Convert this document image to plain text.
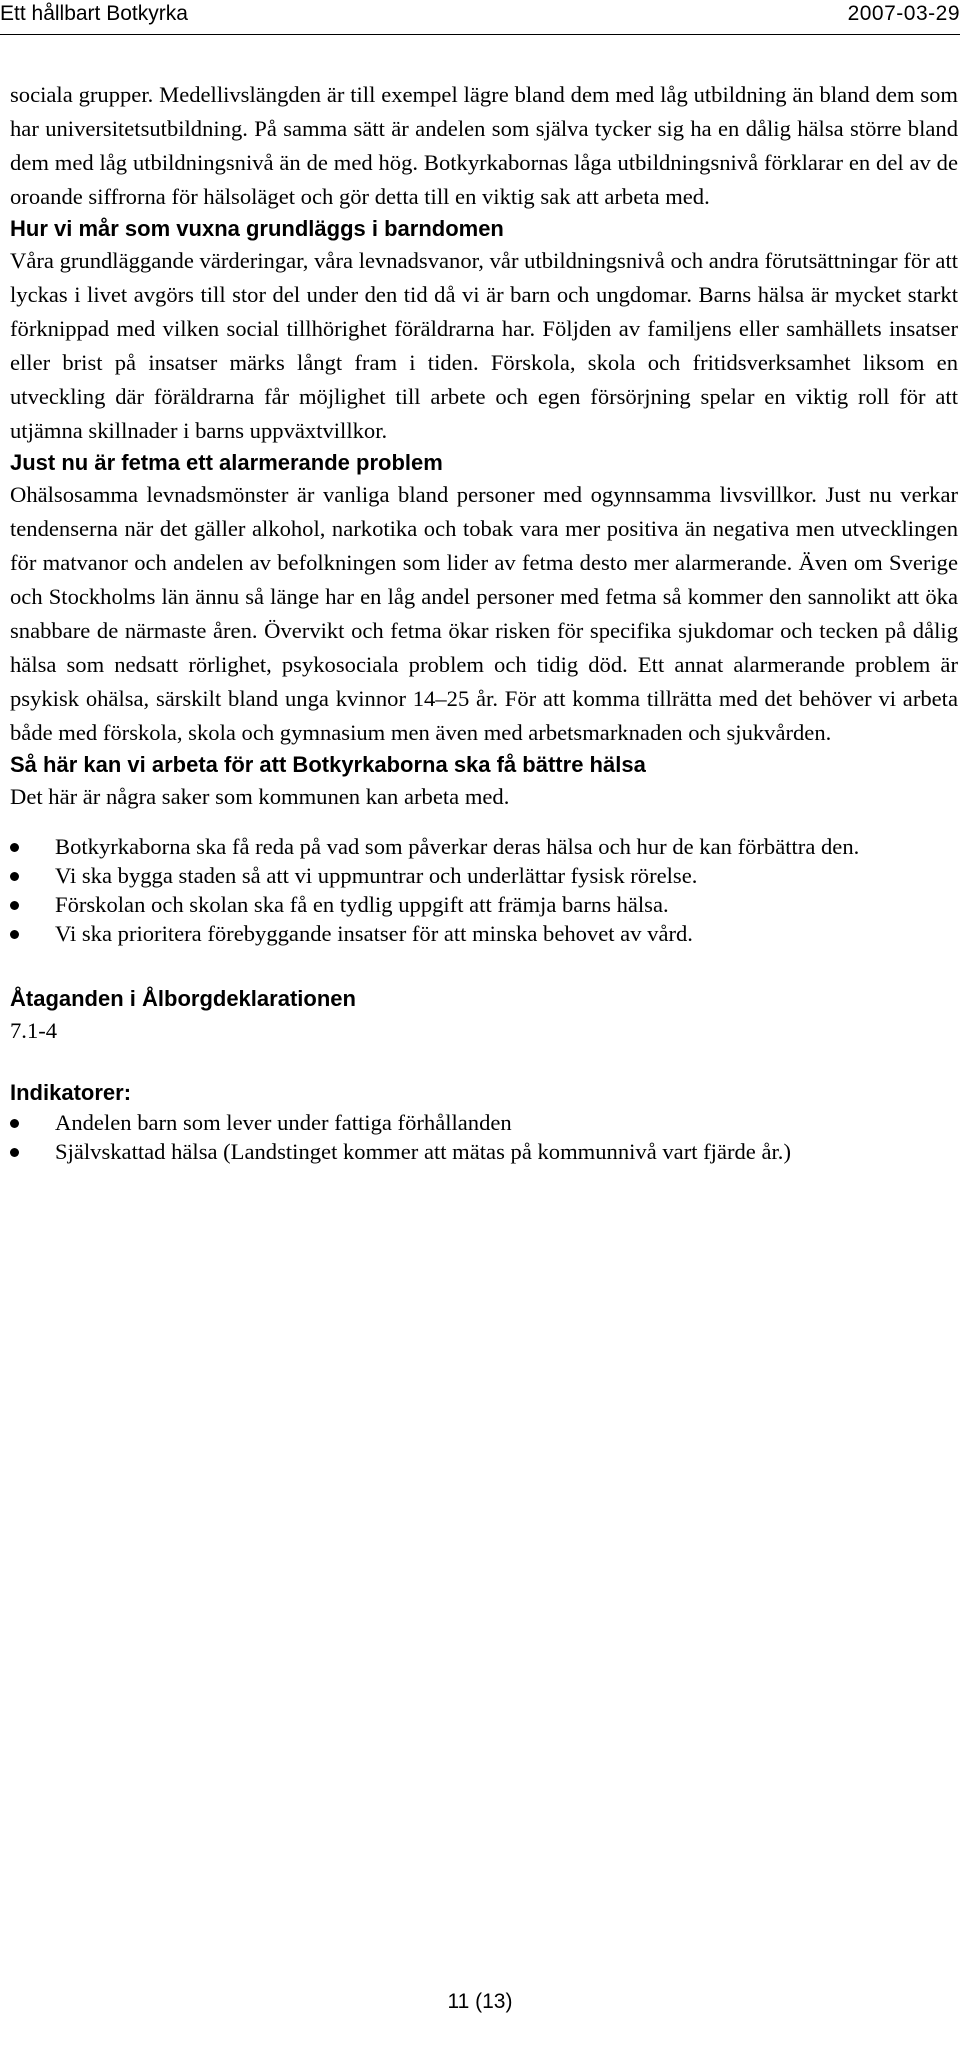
Ett hållbart Botkyrka	2007-03-29

sociala grupper. Medellivslängden är till exempel lägre bland dem med låg utbildning än bland dem som har universitetsutbildning. På samma sätt är andelen som själva tycker sig ha en dålig hälsa större bland dem med låg utbildningsnivå än de med hög. Botkyrkabornas låga utbildningsnivå förklarar en del av de oroande siffrorna för hälsoläget och gör detta till en viktig sak att arbeta med.

Hur vi mår som vuxna grundläggs i barndomen

Våra grundläggande värderingar, våra levnadsvanor, vår utbildningsnivå och andra förutsättningar för att lyckas i livet avgörs till stor del under den tid då vi är barn och ungdomar. Barns hälsa är mycket starkt förknippad med vilken social tillhörighet föräldrarna har. Följden av familjens eller samhällets insatser eller brist på insatser märks långt fram i tiden. Förskola, skola och fritidsverksamhet liksom en utveckling där föräldrarna får möjlighet till arbete och egen försörjning spelar en viktig roll för att utjämna skillnader i barns uppväxtvillkor.

Just nu är fetma ett alarmerande problem

Ohälsosamma levnadsmönster är vanliga bland personer med ogynnsamma livsvillkor. Just nu verkar tendenserna när det gäller alkohol, narkotika och tobak vara mer positiva än negativa men utvecklingen för matvanor och andelen av befolkningen som lider av fetma desto mer alarmerande. Även om Sverige och Stockholms län ännu så länge har en låg andel personer med fetma så kommer den sannolikt att öka snabbare de närmaste åren. Övervikt och fetma ökar risken för specifika sjukdomar och tecken på dålig hälsa som nedsatt rörlighet, psykosociala problem och tidig död. Ett annat alarmerande problem är psykisk ohälsa, särskilt bland unga kvinnor 14–25 år. För att komma tillrätta med det behöver vi arbeta både med förskola, skola och gymnasium men även med arbetsmarknaden och sjukvården.

Så här kan vi arbeta för att Botkyrkaborna ska få bättre hälsa

Det här är några saker som kommunen kan arbeta med.

Botkyrkaborna ska få reda på vad som påverkar deras hälsa och hur de kan förbättra den.
Vi ska bygga staden så att vi uppmuntrar och underlättar fysisk rörelse.
Förskolan och skolan ska få en tydlig uppgift att främja barns hälsa.
Vi ska prioritera förebyggande insatser för att minska behovet av vård.
Åtaganden i Ålborgdeklarationen

7.1-4

Indikatorer:
Andelen barn som lever under fattiga förhållanden
Självskattad hälsa (Landstinget kommer att mätas på kommunnivå vart fjärde år.)
11 (13)
